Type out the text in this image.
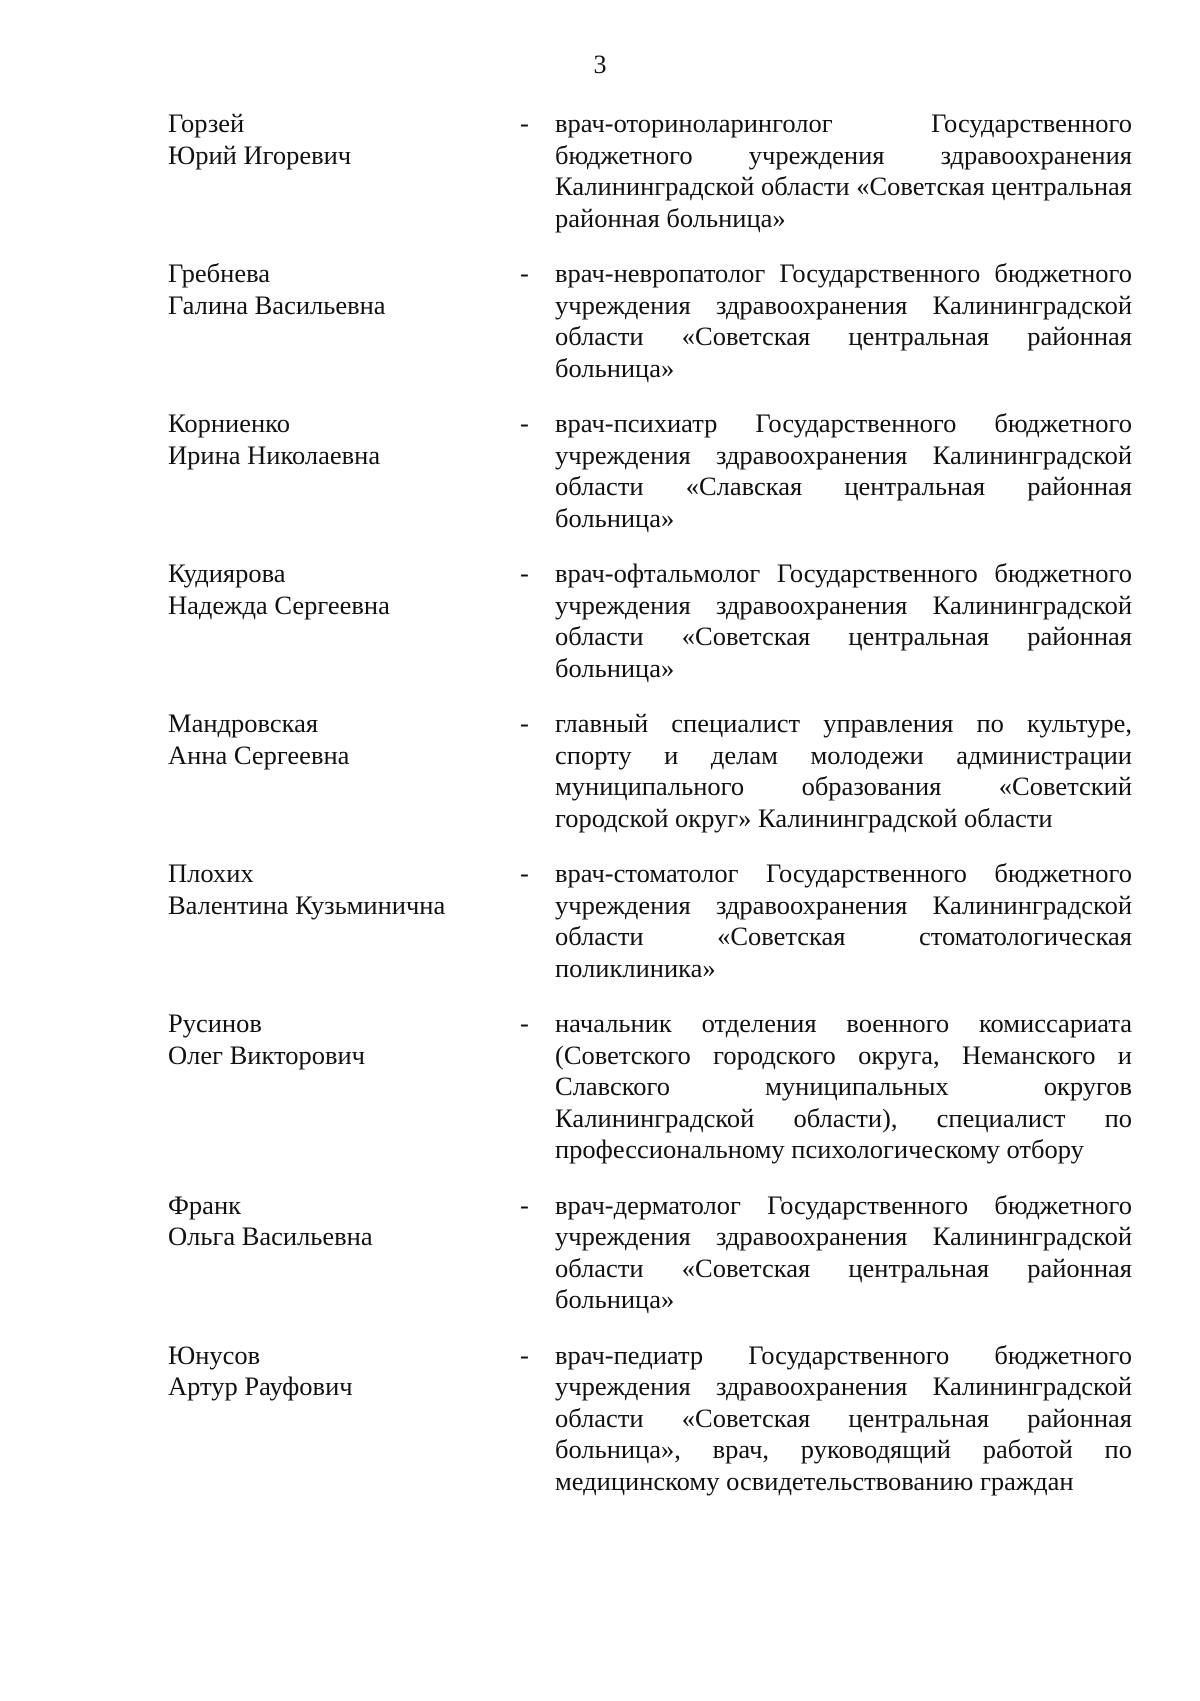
3
Горзей
Юрий Игоревич
- врач-оториноларинголог Государственного бюджетного учреждения здравоохранения Калининградской области «Советская центральная районная больница»
Гребнева
Галина Васильевна
- врач-невропатолог Государственного бюджетного учреждения здравоохранения Калининградской области «Советская центральная районная больница»
Корниенко
Ирина Николаевна
- врач-психиатр Государственного бюджетного учреждения здравоохранения Калининградской области «Славская центральная районная больница»
Кудиярова
Надежда Сергеевна
- врач-офтальмолог Государственного бюджетного учреждения здравоохранения Калининградской области «Советская центральная районная больница»
Мандровская
Анна Сергеевна
- главный специалист управления по культуре, спорту и делам молодежи администрации муниципального образования «Советский городской округ» Калининградской области
Плохих
Валентина Кузьминична
- врач-стоматолог Государственного бюджетного учреждения здравоохранения Калининградской области «Советская стоматологическая поликлиника»
Русинов
Олег Викторович
- начальник отделения военного комиссариата (Советского городского округа, Неманского и Славского муниципальных округов Калининградской области), специалист по профессиональному психологическому отбору
Франк
Ольга Васильевна
- врач-дерматолог Государственного бюджетного учреждения здравоохранения Калининградской области «Советская центральная районная больница»
Юнусов
Артур Рауфович
- врач-педиатр Государственного бюджетного учреждения здравоохранения Калининградской области «Советская центральная районная больница», врач, руководящий работой по медицинскому освидетельствованию граждан
